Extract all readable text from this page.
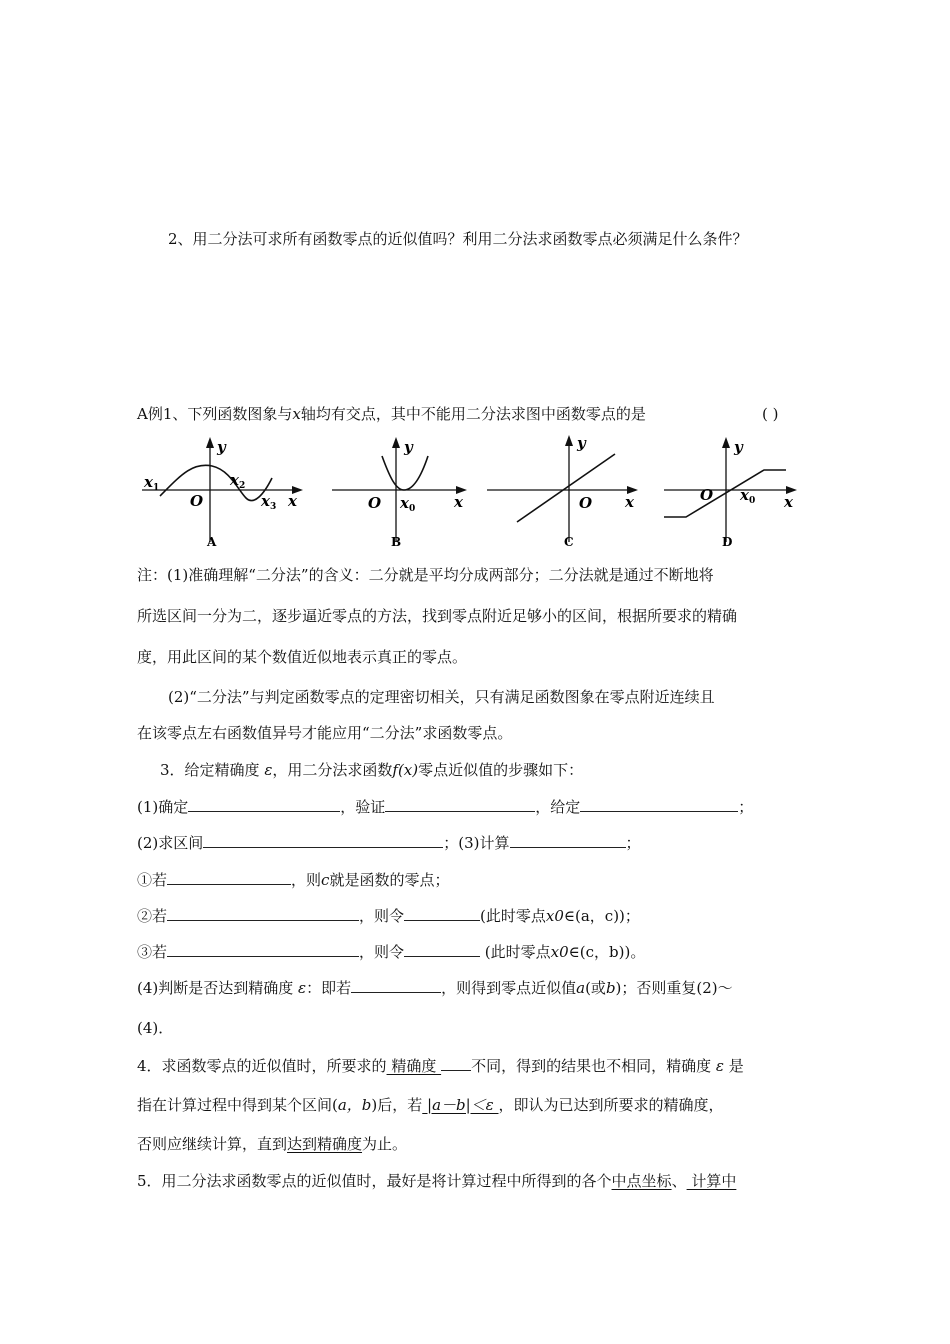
2、用二分法可求所有函数零点的近似值吗？利用二分法求函数零点必须满足什么条件？
A例1、下列函数图象与x轴均有交点，其中不能用二分法求图中函数零点的是	( )
y
x
O
$x_1$	$x_2$
$x_3$
A
y
x
O $x_0$
B
y
x
O
C
y
x
O $x_0$
D
注：(1)准确理解“二分法”的含义：二分就是平均分成两部分；二分法就是通过不断地将
所选区间一分为二，逐步逼近零点的方法，找到零点附近足够小的区间，根据所要求的精确
度，用此区间的某个数值近似地表示真正的零点。
(2)“二分法”与判定函数零点的定理密切相关，只有满足函数图象在零点附近连续且
在该零点左右函数值异号才能应用“二分法”求函数零点。
3．给定精确度 ε，用二分法求函数f(x)零点近似值的步骤如下：
(1)确定	，验证	，给定	；
(2)求区间	；(3)计算	；
①若	，则c就是函数的零点；
②若	，则令	(此时零点x0∈(a，c))；
③若	，则令	(此时零点x0∈(c，b))。
(4)判断是否达到精确度 ε：即若	，则得到零点近似值a(或b)；否则重复(2)～
(4)．
4．求函数零点的近似值时，所要求的 精确度 不同，得到的结果也不相同，精确度 ε 是
指在计算过程中得到某个区间(a，b)后，若 |a－b|＜ε ，即认为已达到所要求的精确度，
否则应继续计算，直到达到精确度为止。
5．用二分法求函数零点的近似值时，最好是将计算过程中所得到的各个中点坐标、 计算中
